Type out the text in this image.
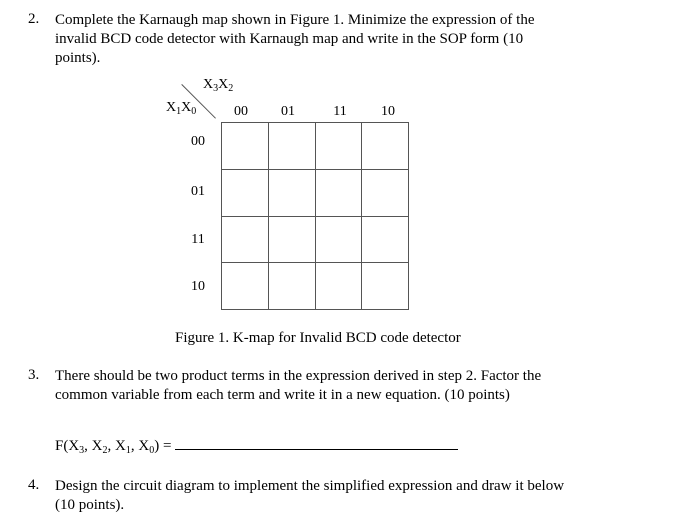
2. Complete the Karnaugh map shown in Figure 1. Minimize the expression of the
invalid BCD code detector with Karnaugh map and write in the SOP form (10
points).
$X_3X_2$
$X_1X_0$	00 01	11 10
00
01
11
10
Figure 1. K-map for Invalid BCD code detector
3. There should be two product terms in the expression derived in step 2. Factor the
common variable from each term and write it in a new equation. (10 points)
$F(X_3$, $X_2$, $X_1$, $X_0$) =
4. Design the circuit diagram to implement the simplified expression and draw it below
(10 points).
